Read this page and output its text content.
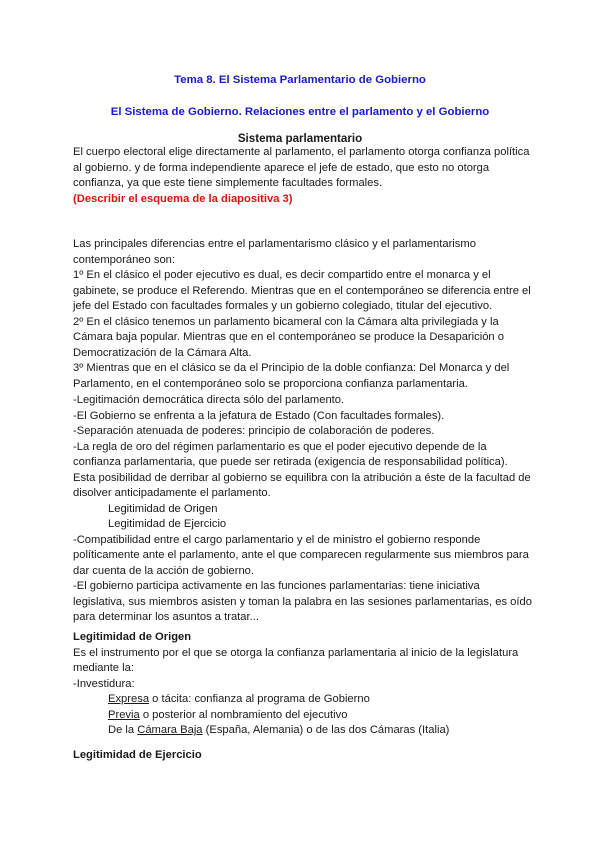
Tema 8. El Sistema Parlamentario de Gobierno
El Sistema de Gobierno. Relaciones entre el parlamento y el Gobierno
Sistema parlamentario

El cuerpo electoral elige directamente al parlamento, el parlamento otorga confianza política

al gobierno. y de forma independiente aparece el jefe de estado, que esto no otorga

confianza, ya que este tiene simplemente facultades formales.

(Describir el esquema de la diapositiva 3)

Las principales diferencias entre el parlamentarismo clásico y el parlamentarismo

contemporáneo son:

1º En el clásico el poder ejecutivo es dual, es decir compartido entre el monarca y el

gabinete, se produce el Referendo. Mientras que en el contemporáneo se diferencia entre el

jefe del Estado con facultades formales y un gobierno colegiado, titular del ejecutivo.

2º En el clásico tenemos un parlamento bicameral con la Cámara alta privilegiada y la

Cámara baja popular. Mientras que en el contemporáneo se produce la Desaparición o

Democratización de la Cámara Alta.

3º Mientras que en el clásico se da el Principio de la doble confianza: Del Monarca y del

Parlamento, en el contemporáneo solo se proporciona confianza parlamentaria.

-Legitimación democrática directa sólo del parlamento.

-El Gobierno se enfrenta a la jefatura de Estado (Con facultades formales).

-Separación atenuada de poderes: principio de colaboración de poderes.

-La regla de oro del régimen parlamentario es que el poder ejecutivo depende de la

confianza parlamentaria, que puede ser retirada (exigencia de responsabilidad política).

Esta posibilidad de derribar al gobierno se equilibra con la atribución a éste de la facultad de

disolver anticipadamente el parlamento.

Legitimidad de Origen

Legitimidad de Ejercicio

-Compatibilidad entre el cargo parlamentario y el de ministro el gobierno responde

políticamente ante el parlamento, ante el que comparecen regularmente sus miembros para

dar cuenta de la acción de gobierno.

-El gobierno participa activamente en las funciones parlamentarias: tiene iniciativa

legislativa, sus miembros asisten y toman la palabra en las sesiones parlamentarias, es oído

para determinar los asuntos a tratar...

Legitimidad de Origen

Es el instrumento por el que se otorga la confianza parlamentaria al inicio de la legislatura

mediante la:

-Investidura:

Expresa o tácita: confianza al programa de Gobierno

Previa o posterior al nombramiento del ejecutivo

De la Cámara Baja (España, Alemania) o de las dos Cámaras (Italia)

Legitimidad de Ejercicio
